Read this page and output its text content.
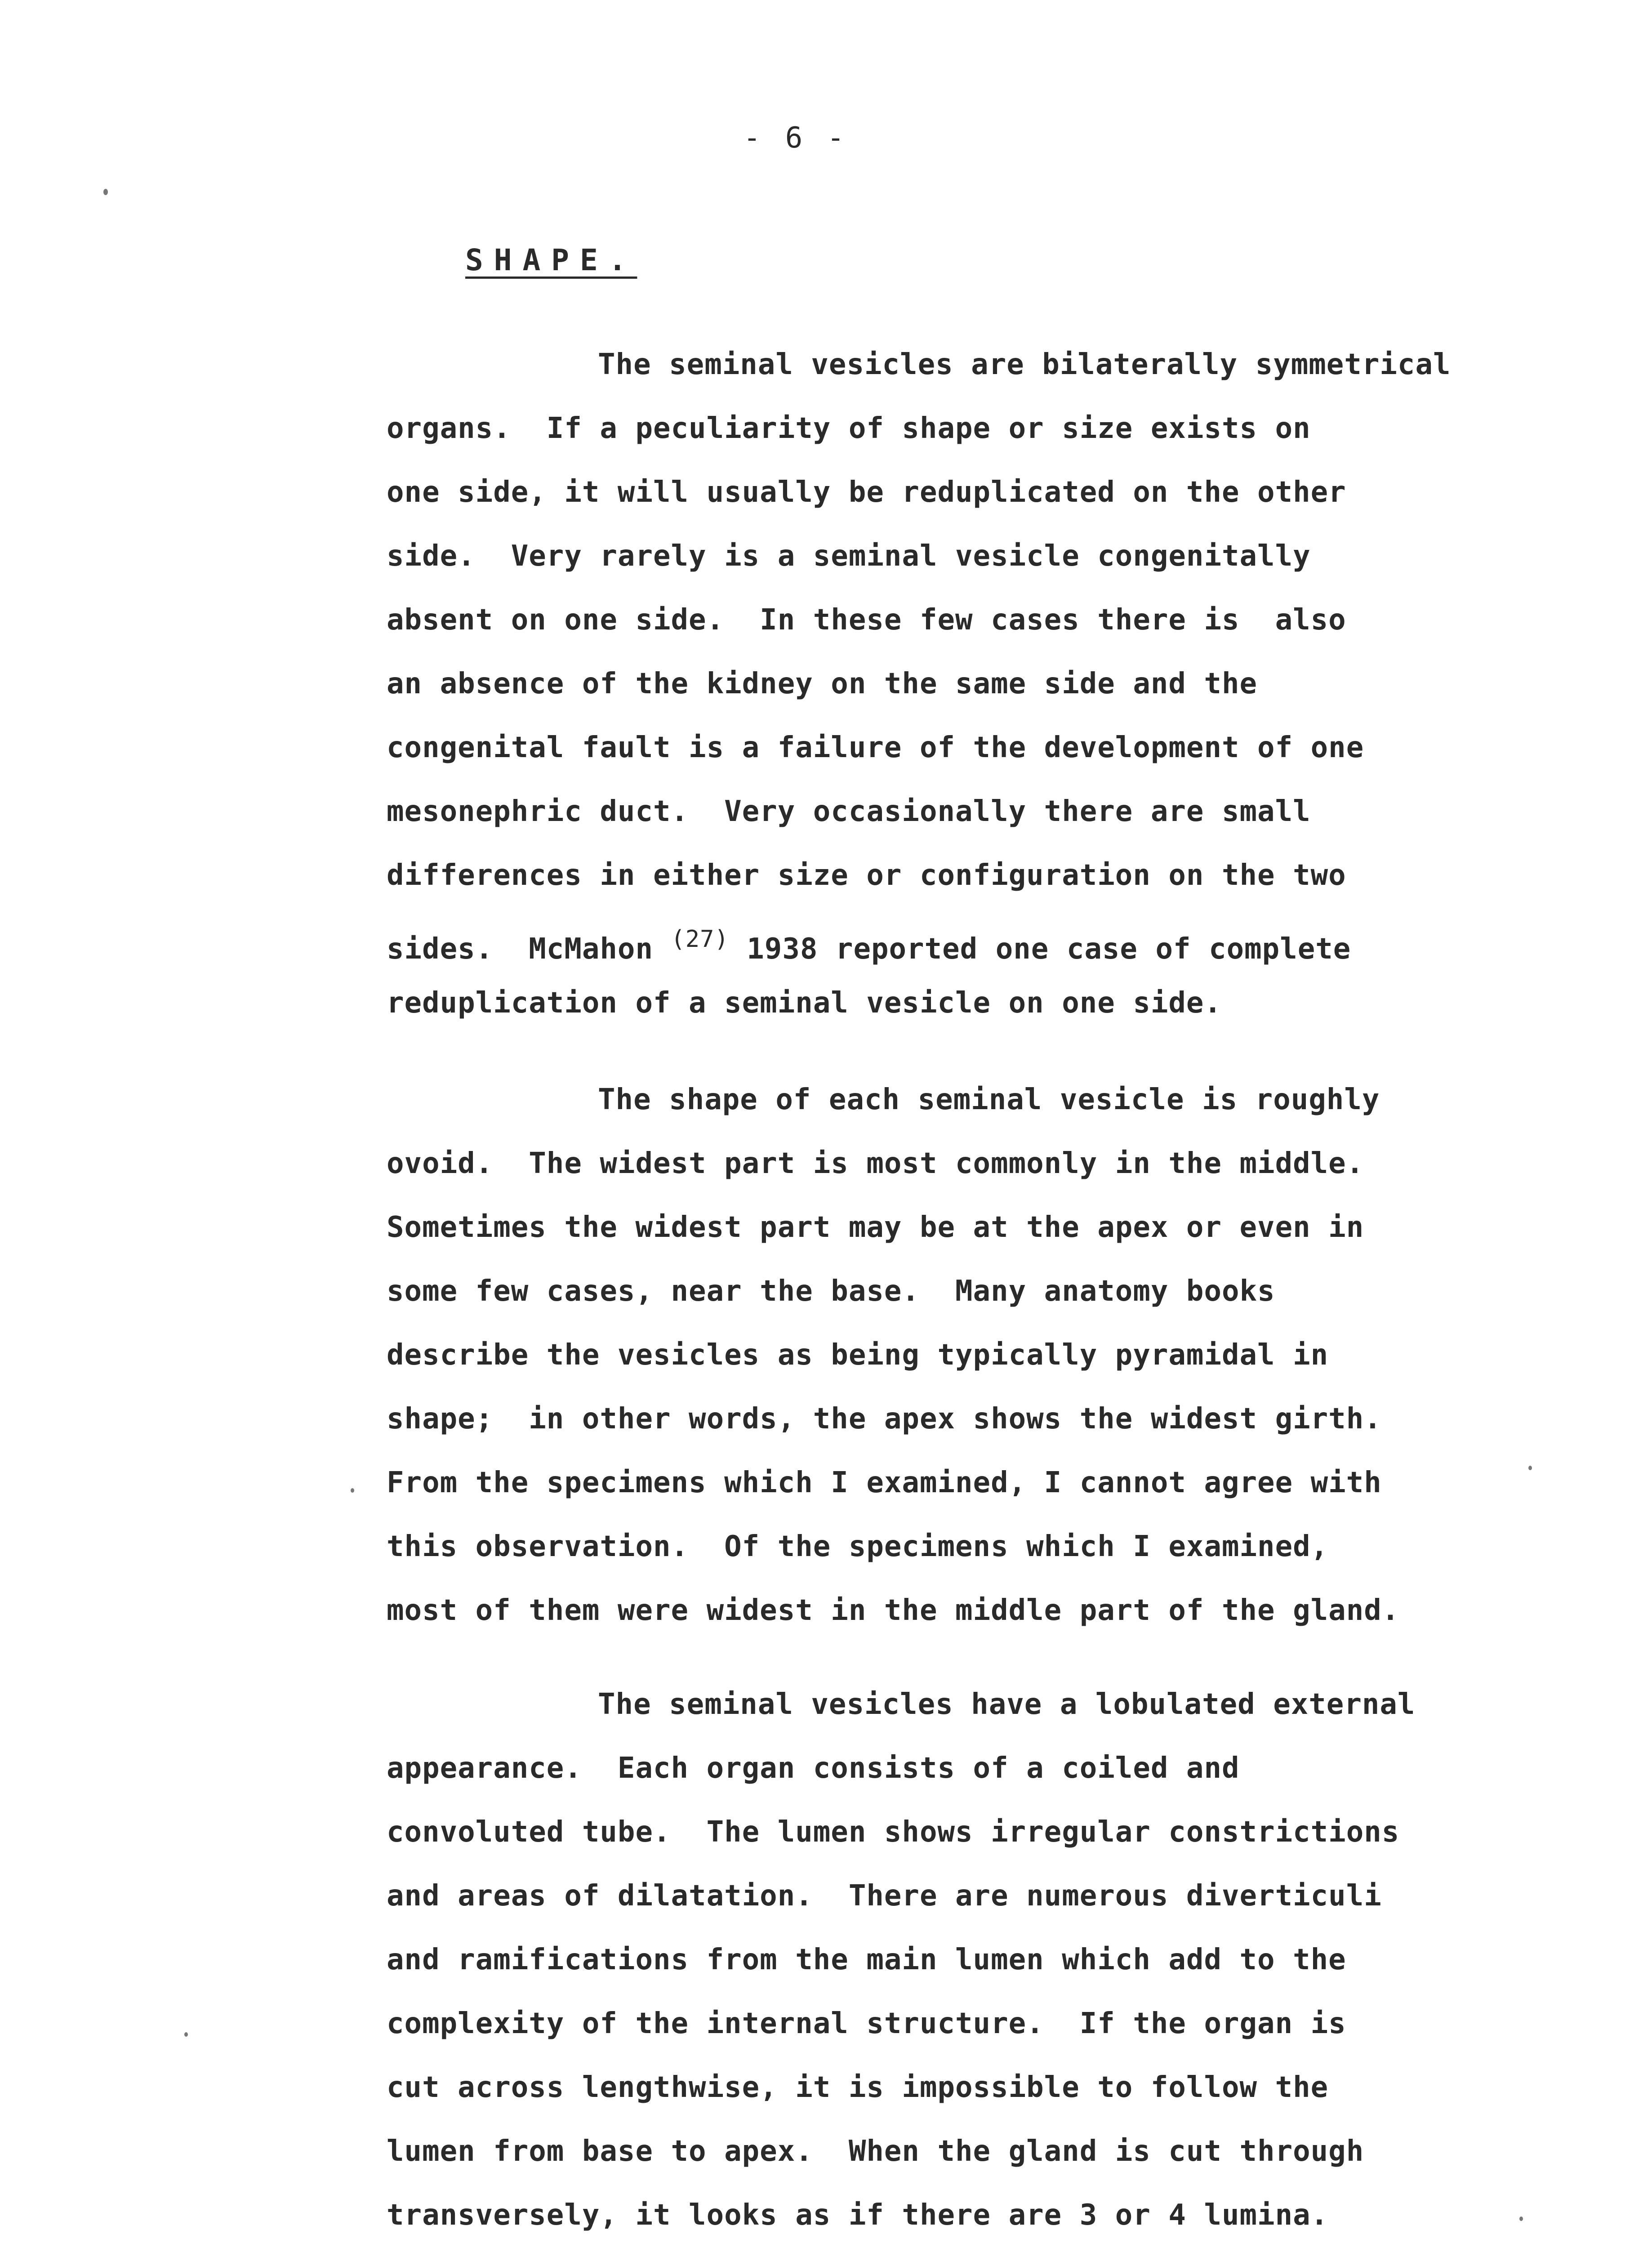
- 6 -
SHAPE.
The seminal vesicles are bilaterally symmetrical
organs.  If a peculiarity of shape or size exists on
one side, it will usually be reduplicated on the other
side.  Very rarely is a seminal vesicle congenitally
absent on one side.  In these few cases there is  also
an absence of the kidney on the same side and the
congenital fault is a failure of the development of one
mesonephric duct.  Very occasionally there are small
differences in either size or configuration on the two
sides.  McMahon $^{(27)}$ 1938 reported one case of complete
reduplication of a seminal vesicle on one side.
The shape of each seminal vesicle is roughly
ovoid.  The widest part is most commonly in the middle.
Sometimes the widest part may be at the apex or even in
some few cases, near the base.  Many anatomy books
describe the vesicles as being typically pyramidal in
shape;  in other words, the apex shows the widest girth.
From the specimens which I examined, I cannot agree with
this observation.  Of the specimens which I examined,
most of them were widest in the middle part of the gland.
The seminal vesicles have a lobulated external
appearance.  Each organ consists of a coiled and
convoluted tube.  The lumen shows irregular constrictions
and areas of dilatation.  There are numerous diverticuli
and ramifications from the main lumen which add to the
complexity of the internal structure.  If the organ is
cut across lengthwise, it is impossible to follow the
lumen from base to apex.  When the gland is cut through
transversely, it looks as if there are 3 or 4 lumina.
